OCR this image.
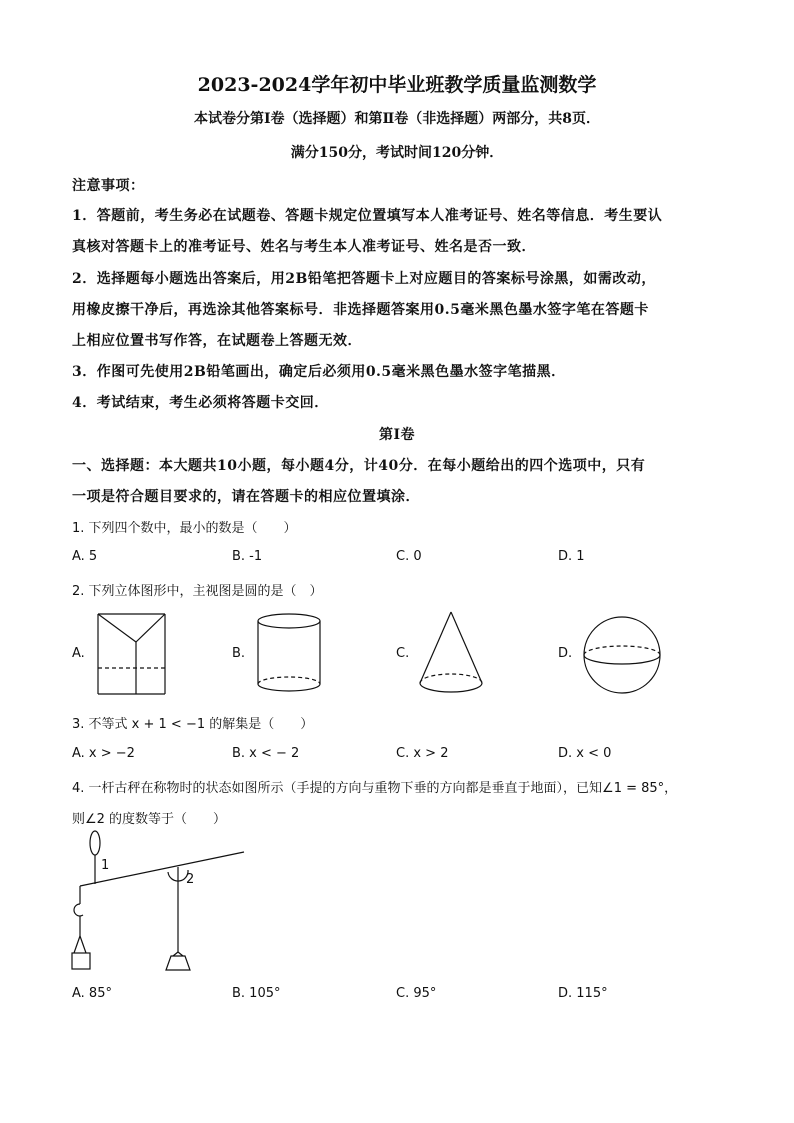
2023-2024学年初中毕业班教学质量监测数学
本试卷分第Ⅰ卷（选择题）和第Ⅱ卷（非选择题）两部分，共8页．
满分150分，考试时间120分钟．
注意事项：
1．答题前，考生务必在试题卷、答题卡规定位置填写本人准考证号、姓名等信息．考生要认
真核对答题卡上的准考证号、姓名与考生本人准考证号、姓名是否一致．
2．选择题每小题选出答案后，用2B铅笔把答题卡上对应题目的答案标号涂黑，如需改动，
用橡皮擦干净后，再选涂其他答案标号．非选择题答案用0.5毫米黑色墨水签字笔在答题卡
上相应位置书写作答，在试题卷上答题无效．
3．作图可先使用2B铅笔画出，确定后必须用0.5毫米黑色墨水签字笔描黑．
4．考试结束，考生必须将答题卡交回．
第Ⅰ卷
一、选择题：本大题共10小题，每小题4分，计40分．在每小题给出的四个选项中，只有
一项是符合题目要求的，请在答题卡的相应位置填涂．
1. 下列四个数中，最小的数是（　　）
A. 5	B. -1	C. 0	D. 1
2. 下列立体图形中，主视图是圆的是（　）
A.	B.	C.	D.
3. 不等式 x + 1 < −1 的解集是（　　）
A. x > −2	B. x < − 2	C. x > 2	D. x < 0
4. 一杆古秤在称物时的状态如图所示（手提的方向与重物下垂的方向都是垂直于地面），已知∠1 = 85°，
则∠2 的度数等于（　　）
1
2
A. 85°	B. 105°	C. 95°	D. 115°
